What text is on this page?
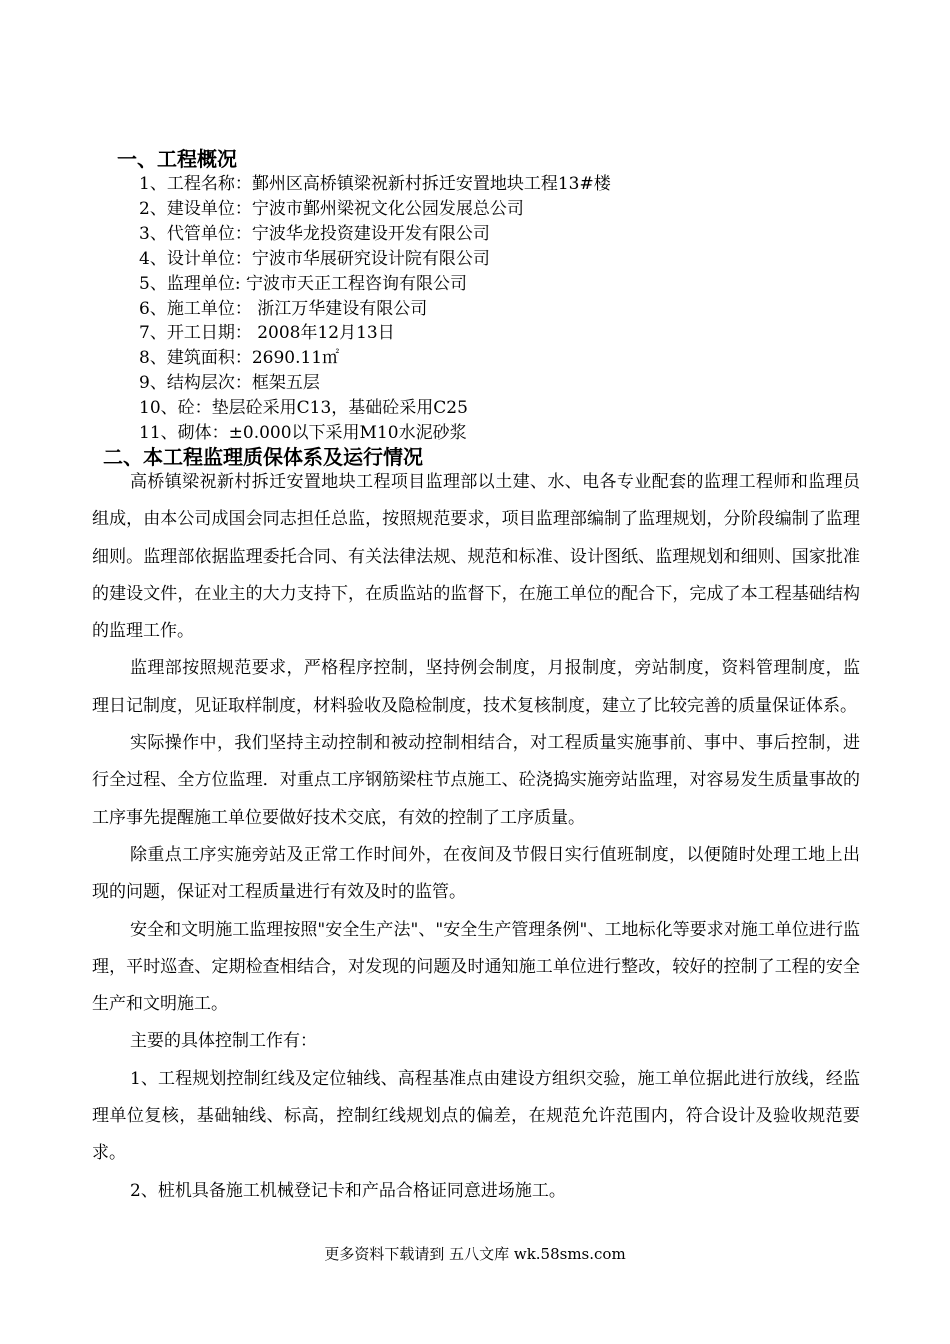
一、工程概况
1、工程名称：鄞州区高桥镇梁祝新村拆迁安置地块工程13#楼
2、建设单位：宁波市鄞州梁祝文化公园发展总公司
3、代管单位：宁波华龙投资建设开发有限公司
4、设计单位：宁波市华展研究设计院有限公司
5、监理单位: 宁波市天正工程咨询有限公司
6、施工单位： 浙江万华建设有限公司
7、开工日期： 2008年12月13日
8、建筑面积：2690.11㎡
9、结构层次：框架五层
10、砼：垫层砼采用C13，基础砼采用C25
11、砌体：±0.000以下采用M10水泥砂浆
二、本工程监理质保体系及运行情况

高桥镇梁祝新村拆迁安置地块工程项目监理部以土建、水、电各专业配套的监理工程师和监理员组成，由本公司成国会同志担任总监，按照规范要求，项目监理部编制了监理规划，分阶段编制了监理细则。监理部依据监理委托合同、有关法律法规、规范和标准、设计图纸、监理规划和细则、国家批准的建设文件，在业主的大力支持下，在质监站的监督下，在施工单位的配合下，完成了本工程基础结构的监理工作。

监理部按照规范要求，严格程序控制，坚持例会制度，月报制度，旁站制度，资料管理制度，监理日记制度，见证取样制度，材料验收及隐检制度，技术复核制度，建立了比较完善的质量保证体系。

实际操作中，我们坚持主动控制和被动控制相结合，对工程质量实施事前、事中、事后控制，进行全过程、全方位监理．对重点工序钢筋梁柱节点施工、砼浇捣实施旁站监理，对容易发生质量事故的工序事先提醒施工单位要做好技术交底，有效的控制了工序质量。

除重点工序实施旁站及正常工作时间外，在夜间及节假日实行值班制度，以便随时处理工地上出现的问题，保证对工程质量进行有效及时的监管。

安全和文明施工监理按照"安全生产法"、"安全生产管理条例"、工地标化等要求对施工单位进行监理，平时巡查、定期检查相结合，对发现的问题及时通知施工单位进行整改，较好的控制了工程的安全生产和文明施工。

主要的具体控制工作有：

1、工程规划控制红线及定位轴线、高程基准点由建设方组织交验，施工单位据此进行放线，经监理单位复核，基础轴线、标高，控制红线规划点的偏差，在规范允许范围内，符合设计及验收规范要求。

2、桩机具备施工机械登记卡和产品合格证同意进场施工。

更多资料下载请到 五八文库 wk.58sms.com
